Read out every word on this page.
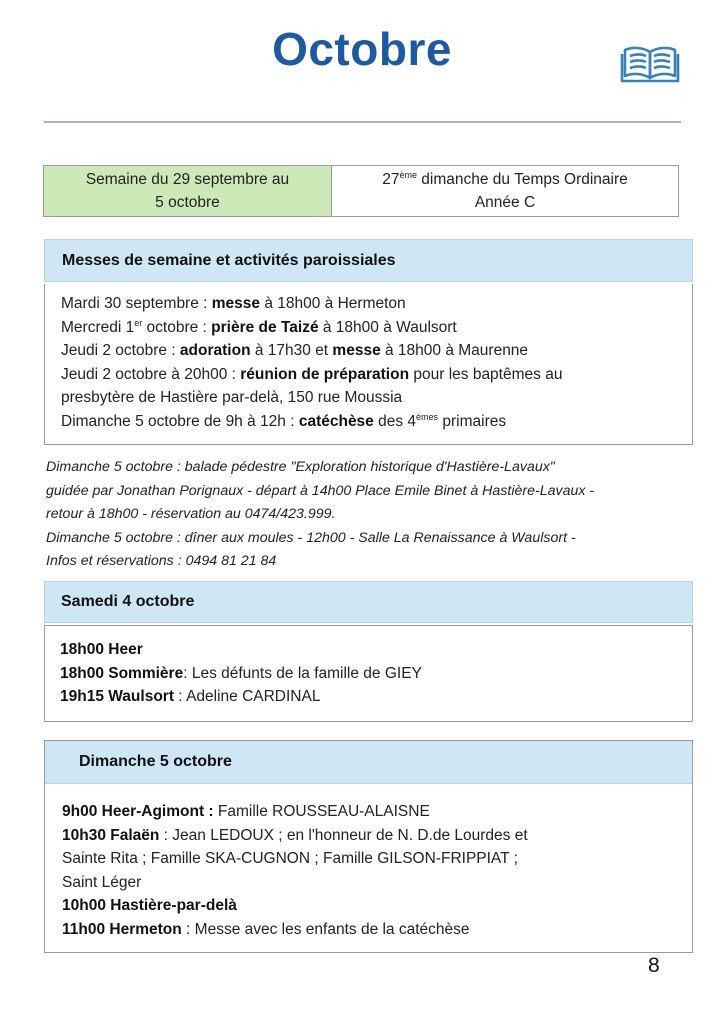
Octobre
Semaine du 29 septembre au
5 octobre
27ème dimanche du Temps Ordinaire
Année C
Messes de semaine et activités paroissiales
Mardi 30 septembre : messe à 18h00 à Hermeton
Mercredi 1er octobre : prière de Taizé à 18h00 à Waulsort
Jeudi 2 octobre : adoration à 17h30 et messe à 18h00 à Maurenne
Jeudi 2 octobre à 20h00 : réunion de préparation pour les baptêmes au
presbytère de Hastière par-delà, 150 rue Moussia
Dimanche 5 octobre de 9h à 12h : catéchèse des 4èmes primaires
Dimanche 5 octobre : balade pédestre "Exploration historique d'Hastière-Lavaux"
guidée par Jonathan Porignaux - départ à 14h00 Place Emile Binet à Hastière-Lavaux -
retour à 18h00 - réservation au 0474/423.999.
Dimanche 5 octobre : dîner aux moules - 12h00 - Salle La Renaissance à Waulsort -
Infos et réservations : 0494 81 21 84
Samedi 4 octobre
18h00 Heer
18h00 Sommière: Les défunts de la famille de GIEY
19h15 Waulsort : Adeline CARDINAL
Dimanche 5 octobre
9h00 Heer-Agimont : Famille ROUSSEAU-ALAISNE
10h30 Falaën : Jean LEDOUX ; en l'honneur de N. D.de Lourdes et
Sainte Rita ; Famille SKA-CUGNON ; Famille GILSON-FRIPPIAT ;
Saint Léger
10h00 Hastière-par-delà
11h00 Hermeton : Messe avec les enfants de la catéchèse
8
